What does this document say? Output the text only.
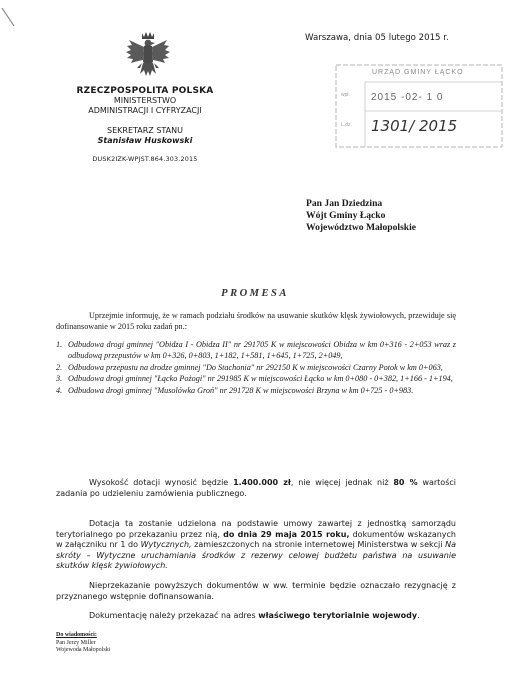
Warszawa, dnia 05 lutego 2015 r.
RZECZPOSPOLITA POLSKA
MINISTERSTWO
ADMINISTRACJI I CYFRYZACJI
SEKRETARZ STANU
Stanisław Huskowski
DUSK2IZK-WPJST.864.303.2015
URZĄD GMINY ŁĄCKO
wpł.
L.dz.
2015 -02- 1 0
1301/ 2015
Pan Jan Dziedzina
Wójt Gminy Łącko
Województwo Małopolskie
PROMESA
Uprzejmie informuję, że w ramach podziału środków na usuwanie skutków klęsk żywiołowych, przewiduje się dofinansowanie w 2015 roku zadań pn.:
1. Odbudowa drogi gminnej "Obidza I - Obidza II" nr 291705 K w miejscowości Obidza w km 0+316 - 2+053 wraz z odbudową przepustów w km 0+326, 0+803, 1+182, 1+581, 1+645, 1+725, 2+049,
2. Odbudowa przepustu na drodze gminnej "Do Stachonia" nr 292150 K w miejscowości Czarny Potok w km 0+063,
3. Odbudowa drogi gminnej "Łącko Pożogi" nr 291985 K w miejscowości Łącko w km 0+080 - 0+382, 1+166 - 1+194,
4. Odbudowa drogi gminnej "Musolówka Groń" nr 291728 K w miejscowości Brzyna w km 0+725 - 0+983.
Wysokość dotacji wynosić będzie 1.400.000 zł, nie więcej jednak niż 80 % wartości zadania po udzieleniu zamówienia publicznego.
Dotacja ta zostanie udzielona na podstawie umowy zawartej z jednostką samorządu terytorialnego po przekazaniu przez nią, do dnia 29 maja 2015 roku, dokumentów wskazanych w załączniku nr 1 do Wytycznych, zamieszczonych na stronie internetowej Ministerstwa w sekcji Na skróty – Wytyczne uruchamiania środków z rezerwy celowej budżetu państwa na usuwanie skutków klęsk żywiołowych.
Nieprzekazanie powyższych dokumentów w ww. terminie będzie oznaczało rezygnację z przyznanego wstępnie dofinansowania.
Dokumentację należy przekazać na adres właściwego terytorialnie wojewody.
Do wiadomości:
Pan Jerzy Miller
Wojewoda Małopolski
